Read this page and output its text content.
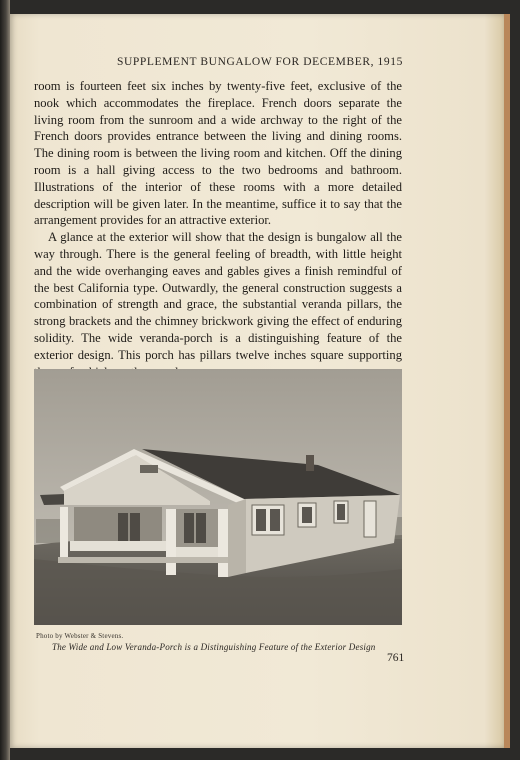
SUPPLEMENT BUNGALOW FOR DECEMBER, 1915

room is fourteen feet six inches by twenty-five feet, exclusive of the nook which accommodates the fireplace. French doors separate the living room from the sunroom and a wide archway to the right of the French doors provides entrance between the living and dining rooms. The dining room is between the living room and kitchen. Off the dining room is a hall giving access to the two bedrooms and bathroom. Illustrations of the interior of these rooms with a more detailed description will be given later. In the meantime, suffice it to say that the arrangement provides for an attractive exterior.

A glance at the exterior will show that the design is bungalow all the way through. There is the general feeling of breadth, with little height and the wide overhanging eaves and gables gives a finish remindful of the best California type. Outwardly, the general construction suggests a combination of strength and grace, the substantial veranda pillars, the strong brackets and the chimney brickwork giving the effect of enduring solidity. The wide veranda-porch is a distinguishing feature of the exterior design. This porch has pillars twelve inches square supporting

Photo by Webster & Stevens.
The Wide and Low Veranda-Porch is a Distinguishing Feature of the Exterior Design
761
